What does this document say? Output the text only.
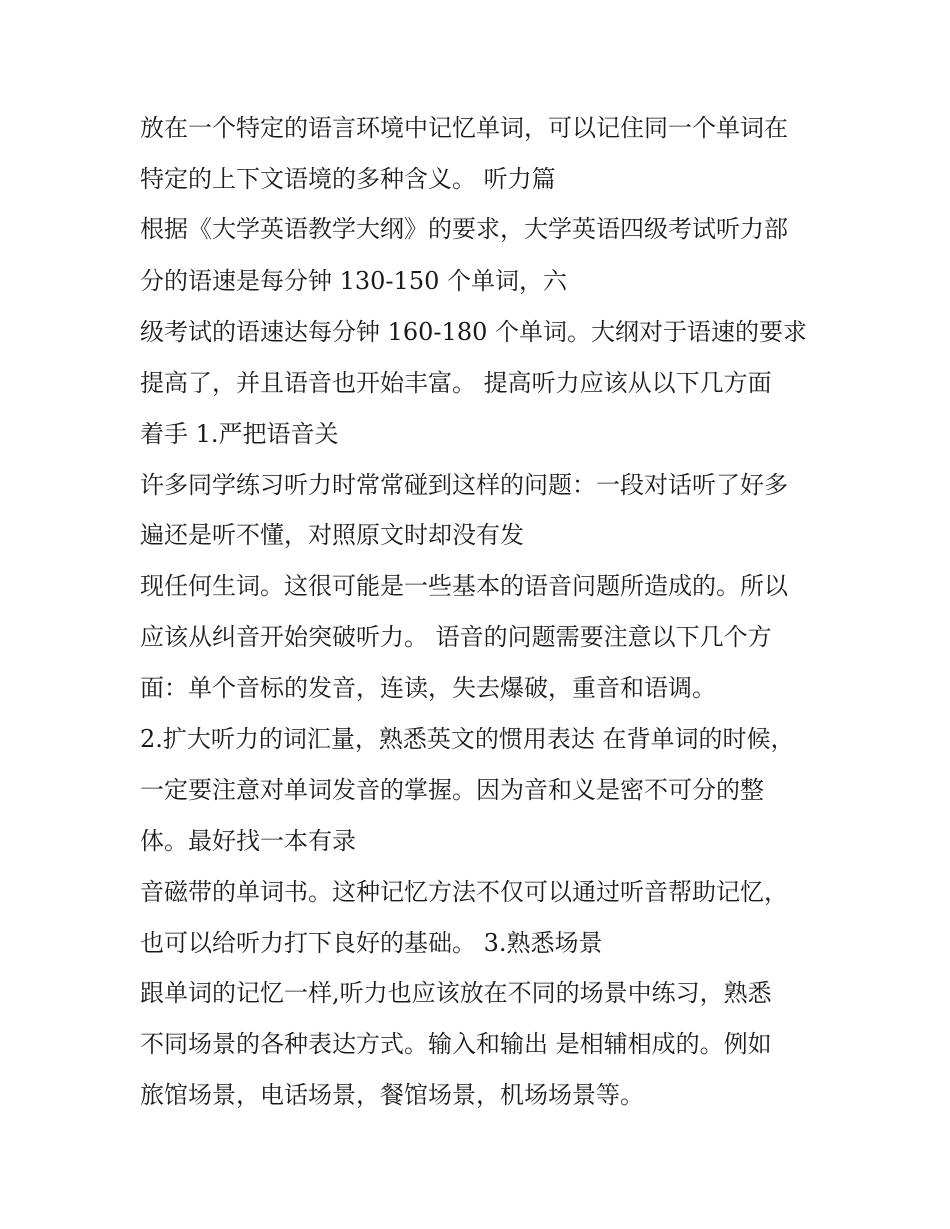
放在一个特定的语言环境中记忆单词，可以记住同一个单词在
特定的上下文语境的多种含义。 听力篇
根据《大学英语教学大纲》的要求，大学英语四级考试听力部
分的语速是每分钟 130-150 个单词，六
级考试的语速达每分钟 160-180 个单词。大纲对于语速的要求
提高了，并且语音也开始丰富。 提高听力应该从以下几方面
着手 1.严把语音关
许多同学练习听力时常常碰到这样的问题：一段对话听了好多
遍还是听不懂，对照原文时却没有发
现任何生词。这很可能是一些基本的语音问题所造成的。所以
应该从纠音开始突破听力。 语音的问题需要注意以下几个方
面：单个音标的发音，连读，失去爆破，重音和语调。
2.扩大听力的词汇量，熟悉英文的惯用表达 在背单词的时候，
一定要注意对单词发音的掌握。因为音和义是密不可分的整
体。最好找一本有录
音磁带的单词书。这种记忆方法不仅可以通过听音帮助记忆，
也可以给听力打下良好的基础。 3.熟悉场景
跟单词的记忆一样,听力也应该放在不同的场景中练习，熟悉
不同场景的各种表达方式。输入和输出 是相辅相成的。例如
旅馆场景，电话场景，餐馆场景，机场场景等。
